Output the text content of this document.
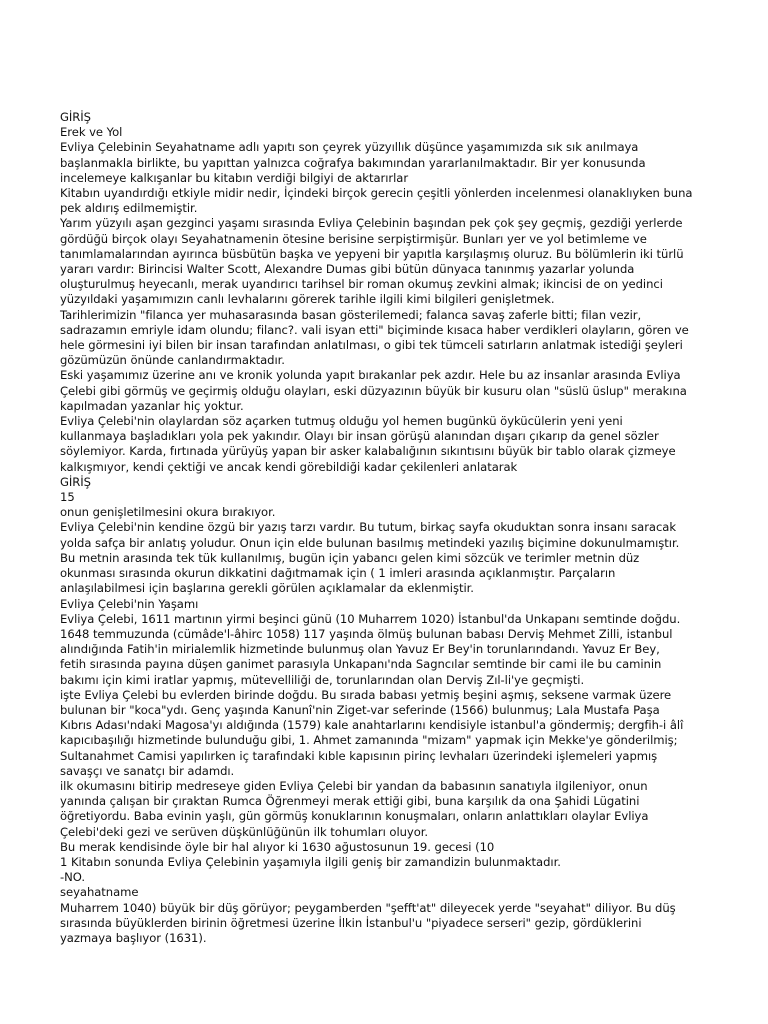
GİRİŞ
Erek ve Yol
Evliya Çelebinin Seyahatname adlı yapıtı son çeyrek yüzyıllık düşünce yaşamımızda sık sık anılmaya
başlanmakla birlikte, bu yapıttan yalnızca coğrafya bakımından yararlanılmaktadır. Bir yer konusunda
incelemeye kalkışanlar bu kitabın verdiği bilgiyi de aktarırlar
Kitabın uyandırdığı etkiyle midir nedir, İçindeki birçok gerecin çeşitli yönlerden incelenmesi olanaklıyken buna
pek aldırış edilmemiştir.
Yarım yüzyılı aşan gezginci yaşamı sırasında Evliya Çelebinin başından pek çok şey geçmiş, gezdiği yerlerde
gördüğü birçok olayı Seyahatnamenin ötesine berisine serpiştirmişür. Bunları yer ve yol betimleme ve
tanımlamalarından ayırınca büsbütün başka ve yepyeni bir yapıtla karşılaşmış oluruz. Bu bölümlerin iki türlü
yararı vardır: Birincisi Walter Scott, Alexandre Dumas gibi bütün dünyaca tanınmış yazarlar yolunda
oluşturulmuş heyecanlı, merak uyandırıcı tarihsel bir roman okumuş zevkini almak; ikincisi de on yedinci
yüzyıldaki yaşamımızın canlı levhalarını görerek tarihle ilgili kimi bilgileri genişletmek.
Tarihlerimizin "filanca yer muhasarasında basan gösterilemedi; falanca savaş zaferle bitti; filan vezir,
sadrazamın emriyle idam olundu; filanc?. vali isyan etti" biçiminde kısaca haber verdikleri olayların, gören ve
hele görmesini iyi bilen bir insan tarafından anlatılması, o gibi tek tümceli satırların anlatmak istediği şeyleri
gözümüzün önünde canlandırmaktadır.
Eski yaşamımız üzerine anı ve kronik yolunda yapıt bırakanlar pek azdır. Hele bu az insanlar arasında Evliya
Çelebi gibi görmüş ve geçirmiş olduğu olayları, eski düzyazının büyük bir kusuru olan "süslü üslup" merakına
kapılmadan yazanlar hiç yoktur.
Evliya Çelebi'nin olaylardan söz açarken tutmuş olduğu yol hemen bugünkü öykücülerin yeni yeni
kullanmaya başladıkları yola pek yakındır. Olayı bir insan görüşü alanından dışarı çıkarıp da genel sözler
söylemiyor. Karda, fırtınada yürüyüş yapan bir asker kalabalığının sıkıntısını büyük bir tablo olarak çizmeye
kalkışmıyor, kendi çektiği ve ancak kendi görebildiği kadar çekilenleri anlatarak
GİRİŞ
15
onun genişletilmesini okura bırakıyor.
Evliya Çelebi'nin kendine özgü bir yazış tarzı vardır. Bu tutum, birkaç sayfa okuduktan sonra insanı saracak
yolda safça bir anlatış yoludur. Onun için elde bulunan basılmış metindeki yazılış biçimine dokunulmamıştır.
Bu metnin arasında tek tük kullanılmış, bugün için yabancı gelen kimi sözcük ve terimler metnin düz
okunması sırasında okurun dikkatini dağıtmamak için ( 1 imleri arasında açıklanmıştır. Parçaların
anlaşılabilmesi için başlarına gerekli görülen açıklamalar da eklenmiştir.
Evliya Çelebi'nin Yaşamı
Evliya Çelebi, 1611 martının yirmi beşinci günü (10 Muharrem 1020) İstanbul'da Unkapanı semtinde doğdu.
1648 temmuzunda (cümâde'l-âhirc 1058) 117 yaşında ölmüş bulunan babası Derviş Mehmet Zilli, istanbul
alındığında Fatih'in mirialemlik hizmetinde bulunmuş olan Yavuz Er Bey'in torunlarındandı. Yavuz Er Bey,
fetih sırasında payına düşen ganimet parasıyla Unkapanı'nda Sagncılar semtinde bir cami ile bu caminin
bakımı için kimi iratlar yapmış, mütevelliliği de, torunlarından olan Derviş Zıl-li'ye geçmişti.
işte Evliya Çelebi bu evlerden birinde doğdu. Bu sırada babası yetmiş beşini aşmış, seksene varmak üzere
bulunan bir "koca"ydı. Genç yaşında Kanunî'nin Ziget-var seferinde (1566) bulunmuş; Lala Mustafa Paşa
Kıbrıs Adası'ndaki Magosa'yı aldığında (1579) kale anahtarlarını kendisiyle istanbul'a göndermiş; dergfih-i âlî
kapıcıbaşılığı hizmetinde bulunduğu gibi, 1. Ahmet zamanında "mizam" yapmak için Mekke'ye gönderilmiş;
Sultanahmet Camisi yapılırken iç tarafındaki kıble kapısının pirinç levhaları üzerindeki işlemeleri yapmış
savaşçı ve sanatçı bir adamdı.
ilk okumasını bitirip medreseye giden Evliya Çelebi bir yandan da babasının sanatıyla ilgileniyor, onun
yanında çalışan bir çıraktan Rumca Öğrenmeyi merak ettiği gibi, buna karşılık da ona Şahidi Lügatini
öğretiyordu. Baba evinin yaşlı, gün görmüş konuklarının konuşmaları, onların anlattıkları olaylar Evliya
Çelebi'deki gezi ve serüven düşkünlüğünün ilk tohumları oluyor.
Bu merak kendisinde öyle bir hal alıyor ki 1630 ağustosunun 19. gecesi (10
1 Kitabın sonunda Evliya Çelebinin yaşamıyla ilgili geniş bir zamandizin bulunmaktadır.
-NO.
seyahatname
Muharrem 1040) büyük bir düş görüyor; peygamberden "şefft'at" dileyecek yerde "seyahat" diliyor. Bu düş
sırasında büyüklerden birinin öğretmesi üzerine İlkin İstanbul'u "piyadece serseri" gezip, gördüklerini
yazmaya başlıyor (1631).
